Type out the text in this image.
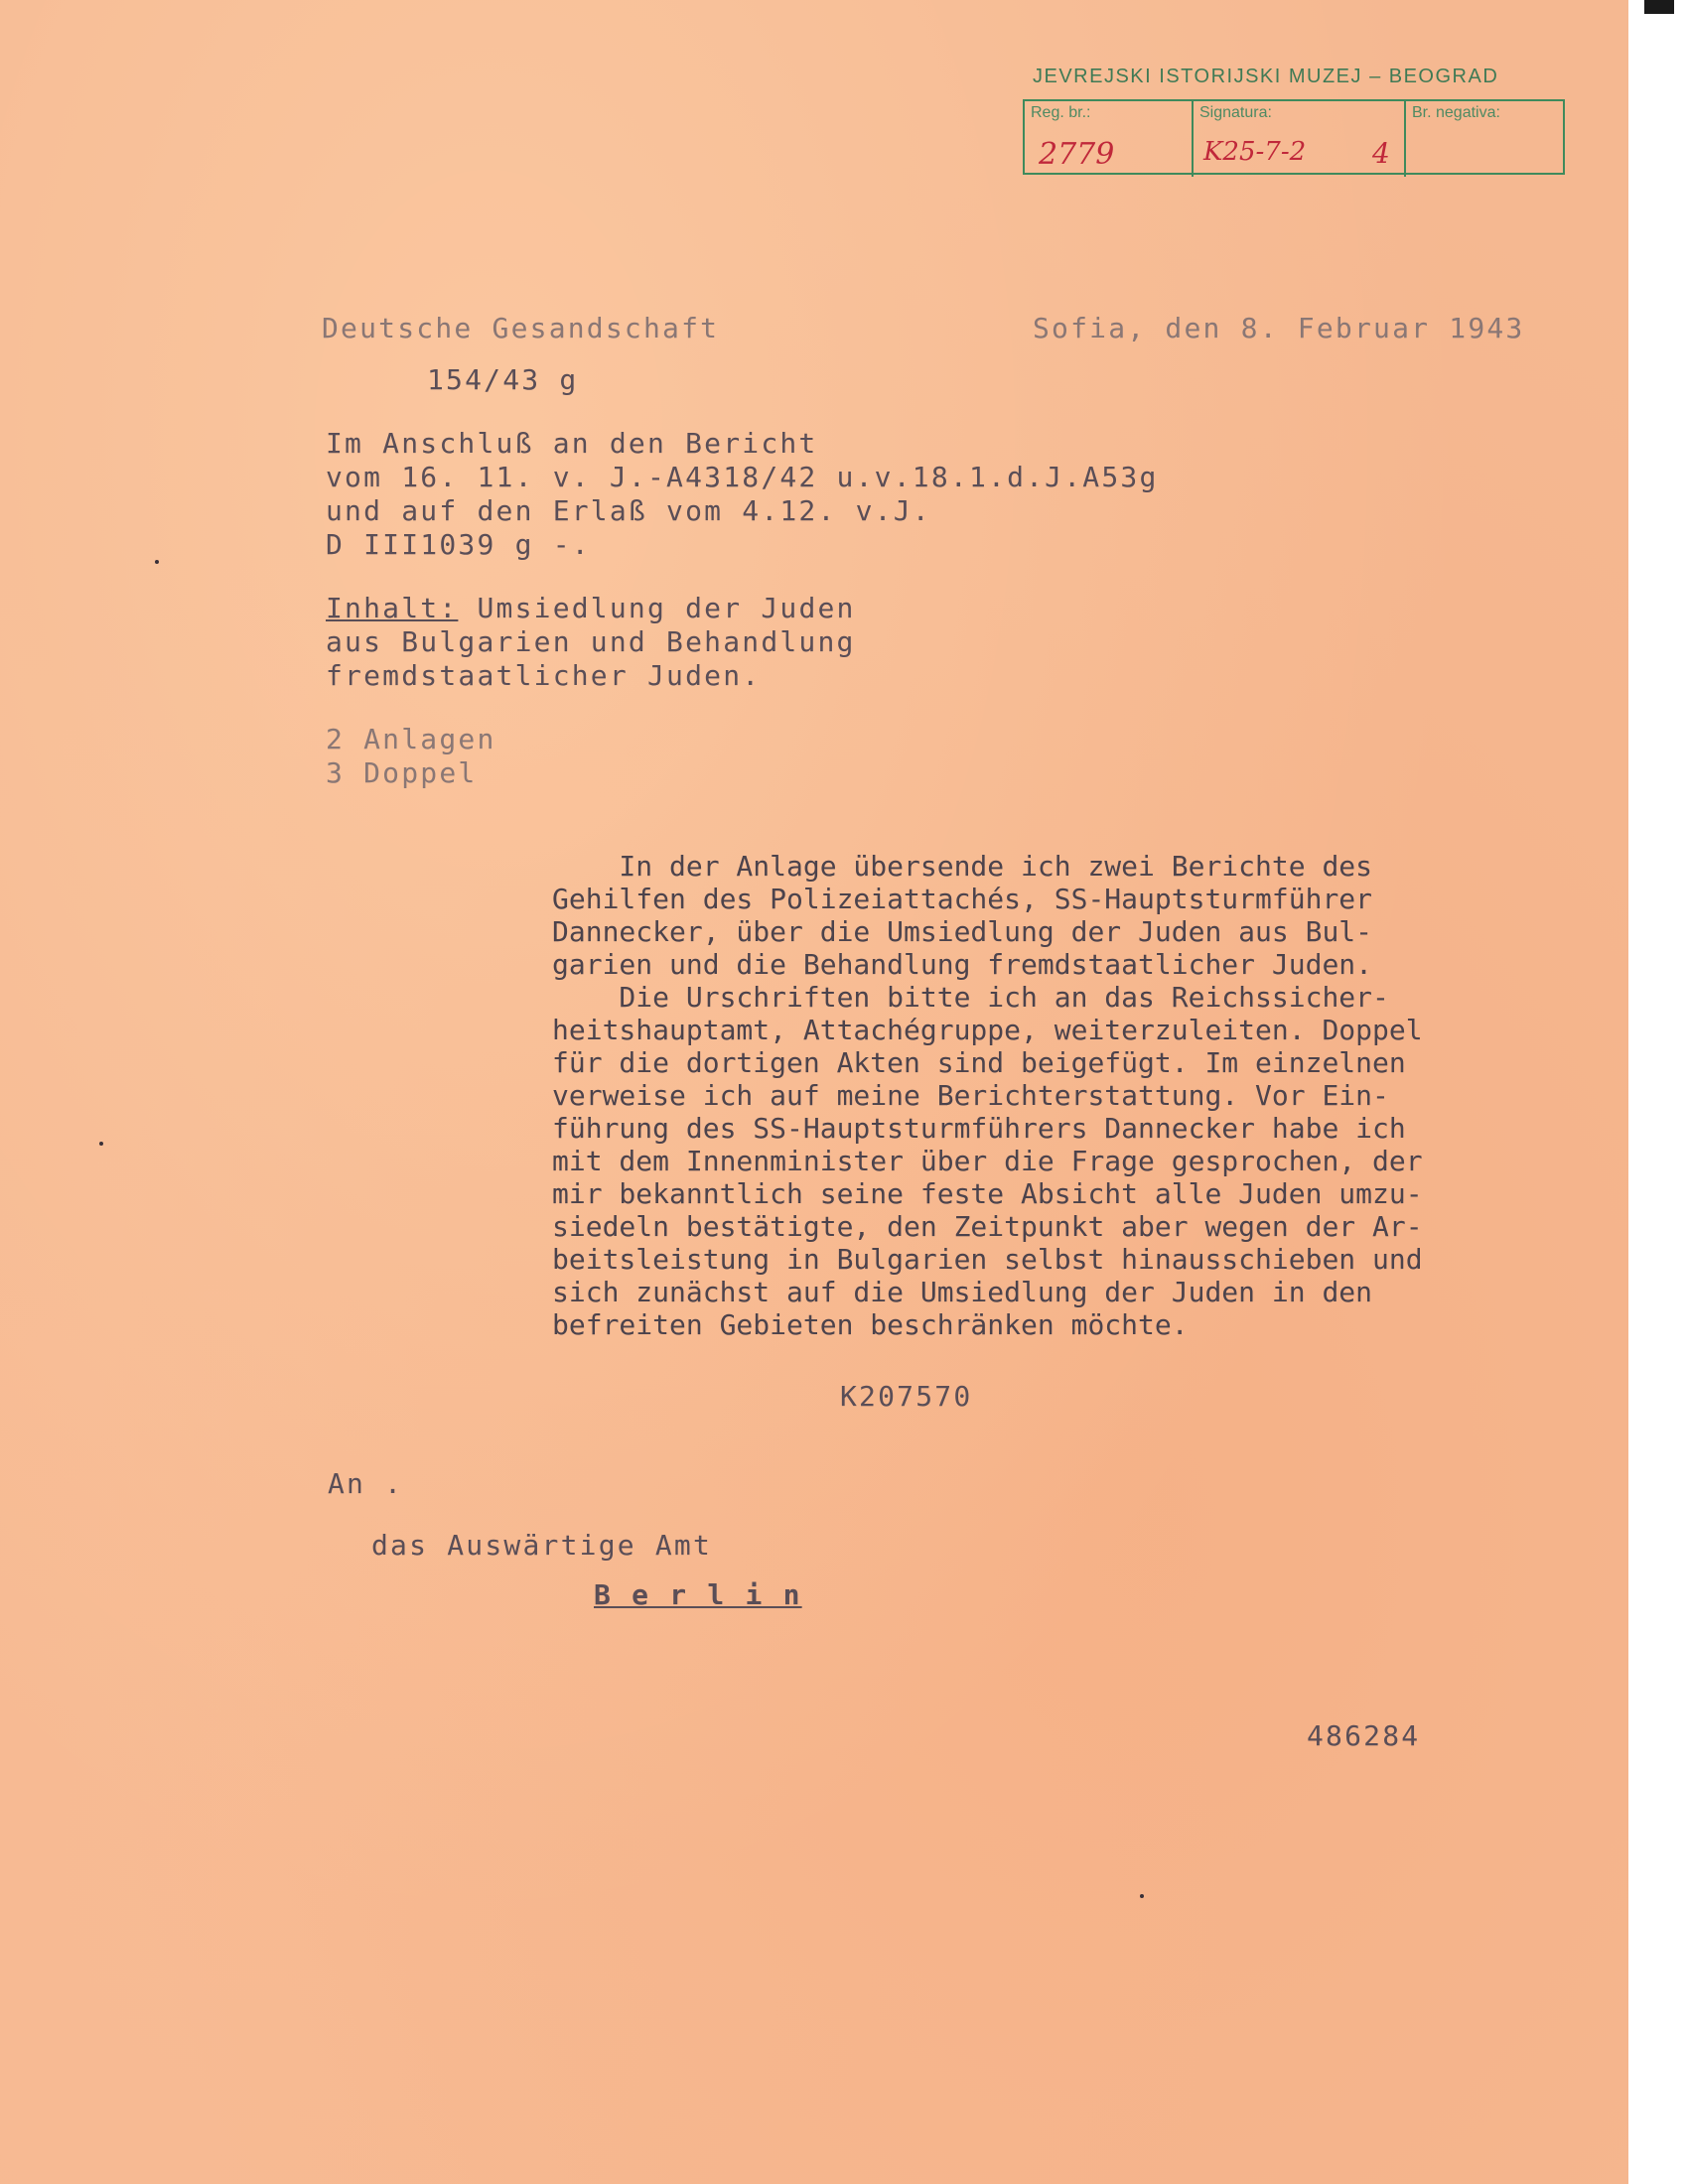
JEVREJSKI ISTORIJSKI MUZEJ – BEOGRAD
Reg. br.:
2779
Signatura:
K25-7-2 4
Br. negativa:
Deutsche Gesandschaft	Sofia, den 8. Februar 1943
154/43 g
Im Anschluß an den Bericht
vom 16. 11. v. J.-A4318/42 u.v.18.1.d.J.A53g
und auf den Erlaß vom 4.12. v.J.
D III1039 g -.
Inhalt: Umsiedlung der Juden
aus Bulgarien und Behandlung
fremdstaatlicher Juden.
2 Anlagen
3 Doppel
In der Anlage übersende ich zwei Berichte des
Gehilfen des Polizeiattachés, SS-Hauptsturmführer
Dannecker, über die Umsiedlung der Juden aus Bul-
garien und die Behandlung fremdstaatlicher Juden.
Die Urschriften bitte ich an das Reichssicher-
heitshauptamt, Attachégruppe, weiterzuleiten. Doppel
für die dortigen Akten sind beigefügt. Im einzelnen
verweise ich auf meine Berichterstattung. Vor Ein-
führung des SS-Hauptsturmführers Dannecker habe ich
mit dem Innenminister über die Frage gesprochen, der
mir bekanntlich seine feste Absicht alle Juden umzu-
siedeln bestätigte, den Zeitpunkt aber wegen der Ar-
beitsleistung in Bulgarien selbst hinausschieben und
sich zunächst auf die Umsiedlung der Juden in den
befreiten Gebieten beschränken möchte.
K207570
An .
das Auswärtige Amt
B e r l i n
486284
